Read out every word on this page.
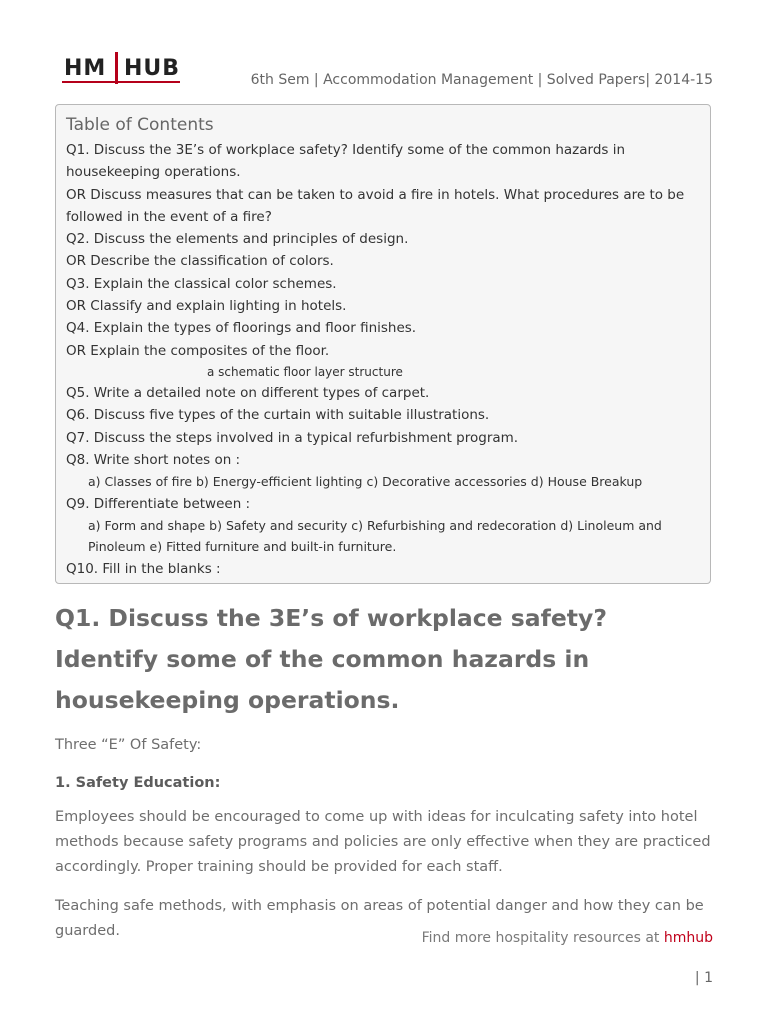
HM HUB	6th Sem | Accommodation Management | Solved Papers| 2014-15
Table of Contents
Q1. Discuss the 3E’s of workplace safety? Identify some of the common hazards in housekeeping operations.
OR Discuss measures that can be taken to avoid a fire in hotels. What procedures are to be followed in the event of a fire?
Q2. Discuss the elements and principles of design.
OR Describe the classification of colors.
Q3. Explain the classical color schemes.
OR Classify and explain lighting in hotels.
Q4. Explain the types of floorings and floor finishes.
OR Explain the composites of the floor.
a schematic floor layer structure
Q5. Write a detailed note on different types of carpet.
Q6. Discuss five types of the curtain with suitable illustrations.
Q7. Discuss the steps involved in a typical refurbishment program.
Q8. Write short notes on :
a) Classes of fire b) Energy-efficient lighting c) Decorative accessories d) House Breakup
Q9. Differentiate between :
a) Form and shape b) Safety and security c) Refurbishing and redecoration d) Linoleum and Pinoleum e) Fitted furniture and built-in furniture.
Q10. Fill in the blanks :
Q1. Discuss the 3E’s of workplace safety? Identify some of the common hazards in housekeeping operations.

Three “E” Of Safety:

1. Safety Education:

Employees should be encouraged to come up with ideas for inculcating safety into hotel methods because safety programs and policies are only effective when they are practiced accordingly. Proper training should be provided for each staff.

Teaching safe methods, with emphasis on areas of potential danger and how they can be guarded.	Find more hospitality resources at hmhub
| 1
